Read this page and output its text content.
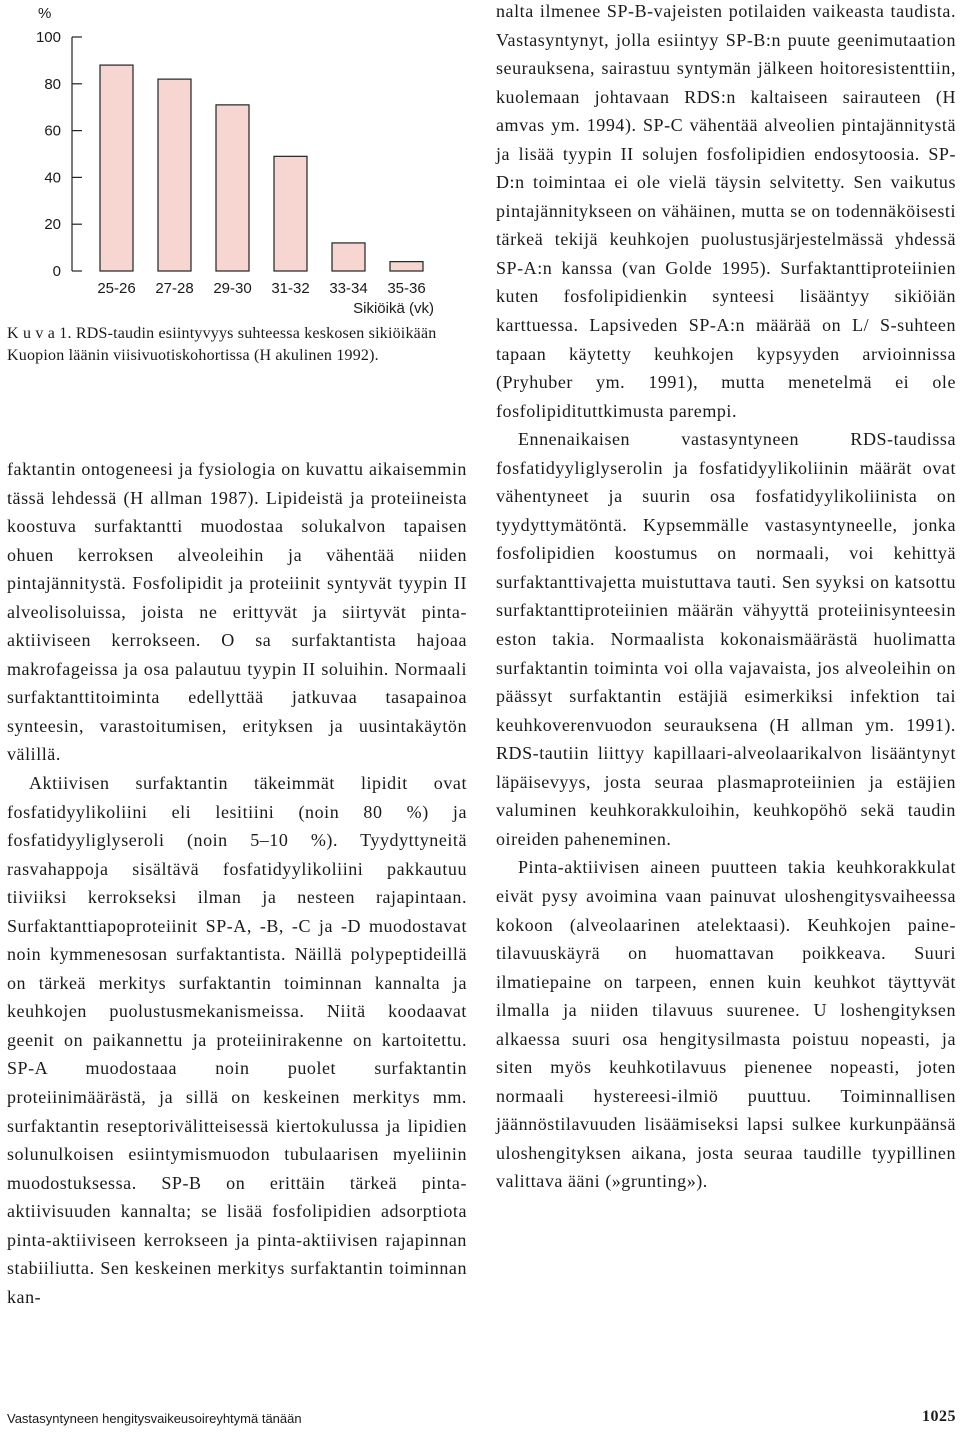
0
20
40
60
80
100
%
25-26 27-28 29-30 31-32 33-34 35-36
Sikiöikä (vk)
K u v a 1. RDS-taudin esiintyvyys suhteessa keskosen sikiöikään Kuopion läänin viisivuotiskohortissa (H akulinen 1992).

faktantin ontogeneesi ja fysiologia on kuvattu aikaisemmin tässä lehdessä (H allman 1987). Lipideistä ja proteiineista koostuva surfaktantti muodostaa solukalvon tapaisen ohuen kerroksen alveoleihin ja vähentää niiden pintajännitystä. Fosfolipidit ja proteiinit syntyvät tyypin II alveolisoluissa, joista ne erittyvät ja siirtyvät pinta-aktiiviseen kerrokseen. O sa surfaktantista hajoaa makrofageissa ja osa palautuu tyypin II soluihin. Normaali surfaktanttitoiminta edellyttää jatkuvaa tasapainoa synteesin, varastoitumisen, erityksen ja uusintakäytön välillä.

Aktiivisen surfaktantin täkeimmät lipidit ovat fosfatidyylikoliini eli lesitiini (noin 80 %) ja fosfatidyyliglyseroli (noin 5–10 %). Tyydyttyneitä rasvahappoja sisältävä fosfatidyylikoliini pakkautuu tiiviiksi kerrokseksi ilman ja nesteen rajapintaan. Surfaktanttiapoproteiinit SP-A, -B, -C ja -D muodostavat noin kymmenesosan surfaktantista. Näillä polypeptideillä on tärkeä merkitys surfaktantin toiminnan kannalta ja keuhkojen puolustusmekanismeissa. Niitä koodaavat geenit on paikannettu ja proteiinirakenne on kartoitettu. SP-A muodostaaa noin puolet surfaktantin proteiinimäärästä, ja sillä on keskeinen merkitys mm. surfaktantin reseptorivälitteisessä kiertokulussa ja lipidien solunulkoisen esiintymismuodon tubulaarisen myeliinin muodostuksessa. SP-B on erittäin tärkeä pinta-aktiivisuuden kannalta; se lisää fosfolipidien adsorptiota pinta-aktiiviseen kerrokseen ja pinta-aktiivisen rajapinnan stabiiliutta. Sen keskeinen merkitys surfaktantin toiminnan kan-

nalta ilmenee SP-B-vajeisten potilaiden vaikeasta taudista. Vastasyntynyt, jolla esiintyy SP-B:n puute geenimutaation seurauksena, sairastuu syntymän jälkeen hoitoresistenttiin, kuolemaan johtavaan RDS:n kaltaiseen sairauteen (H amvas ym. 1994). SP-C vähentää alveolien pintajännitystä ja lisää tyypin II solujen fosfolipidien endosytoosia. SP-D:n toimintaa ei ole vielä täysin selvitetty. Sen vaikutus pintajännitykseen on vähäinen, mutta se on todennäköisesti tärkeä tekijä keuhkojen puolustusjärjestelmässä yhdessä SP-A:n kanssa (van Golde 1995). Surfaktanttiproteiinien kuten fosfolipidienkin synteesi lisääntyy sikiöiän karttuessa. Lapsiveden SP-A:n määrää on L/ S-suhteen tapaan käytetty keuhkojen kypsyyden arvioinnissa (Pryhuber ym. 1991), mutta menetelmä ei ole fosfolipidituttkimusta parempi.

Ennenaikaisen vastasyntyneen RDS-taudissa fosfatidyyliglyserolin ja fosfatidyylikoliinin määrät ovat vähentyneet ja suurin osa fosfatidyylikoliinista on tyydyttymätöntä. Kypsemmälle vastasyntyneelle, jonka fosfolipidien koostumus on normaali, voi kehittyä surfaktanttivajetta muistuttava tauti. Sen syyksi on katsottu surfaktanttiproteiinien määrän vähyyttä proteiinisynteesin eston takia. Normaalista kokonaismäärästä huolimatta surfaktantin toiminta voi olla vajavaista, jos alveoleihin on päässyt surfaktantin estäjiä esimerkiksi infektion tai keuhkoverenvuodon seurauksena (H allman ym. 1991). RDS-tautiin liittyy kapillaari-alveolaarikalvon lisääntynyt läpäisevyys, josta seuraa plasmaproteiinien ja estäjien valuminen keuhkorakkuloihin, keuhkopöhö sekä taudin oireiden paheneminen.

Pinta-aktiivisen aineen puutteen takia keuhkorakkulat eivät pysy avoimina vaan painuvat uloshengitysvaiheessa kokoon (alveolaarinen atelektaasi). Keuhkojen paine-tilavuuskäyrä on huomattavan poikkeava. Suuri ilmatiepaine on tarpeen, ennen kuin keuhkot täyttyvät ilmalla ja niiden tilavuus suurenee. U loshengityksen alkaessa suuri osa hengitysilmasta poistuu nopeasti, ja siten myös keuhkotilavuus pienenee nopeasti, joten normaali hystereesi-ilmiö puuttuu. Toiminnallisen jäännöstilavuuden lisäämiseksi lapsi sulkee kurkunpäänsä uloshengityksen aikana, josta seuraa taudille tyypillinen valittava ääni (»grunting»).

Vastasyntyneen hengitysvaikeusoireyhtymä tänään	1025
